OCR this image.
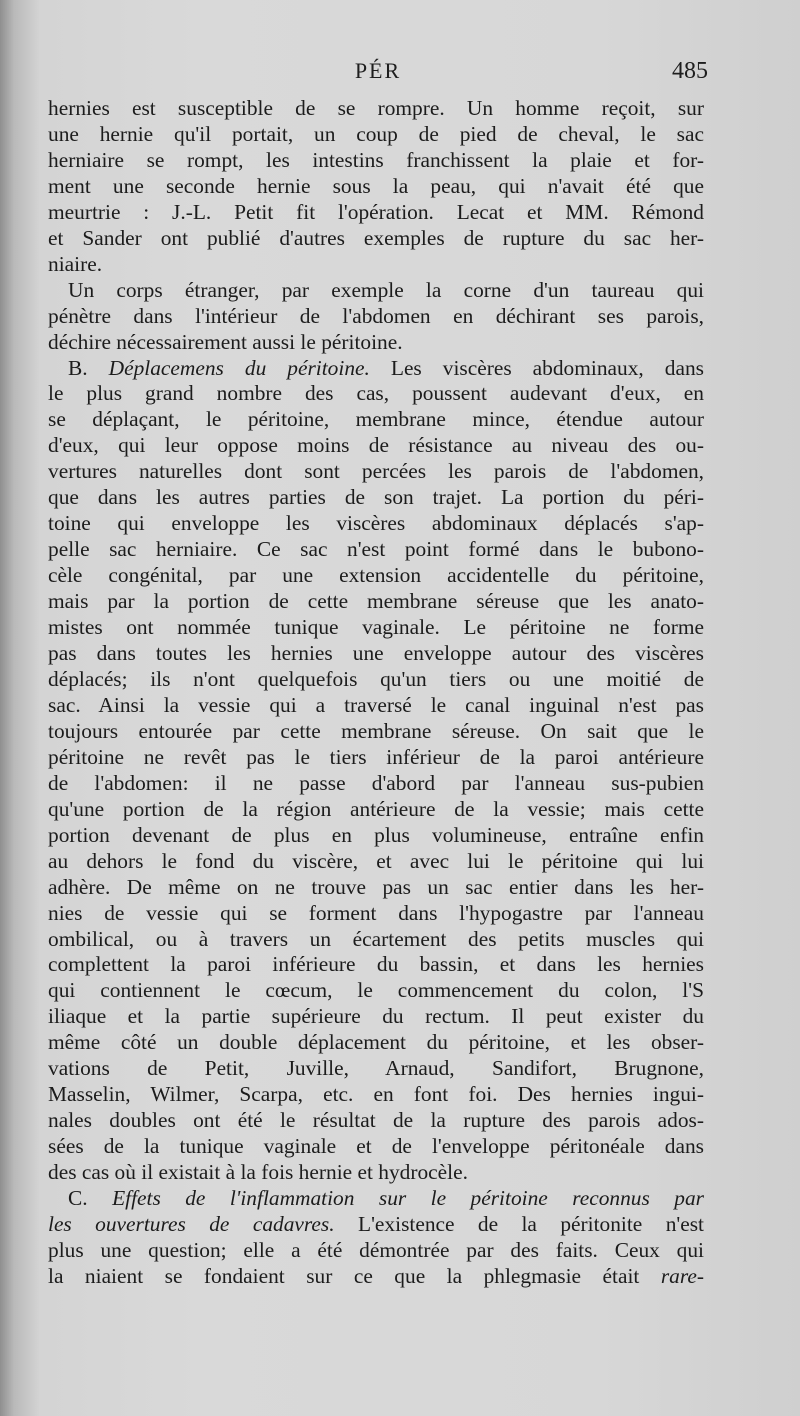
PÉR	485

hernies est susceptible de se rompre. Un homme reçoit, sur
une hernie qu'il portait, un coup de pied de cheval, le sac
herniaire se rompt, les intestins franchissent la plaie et for-
ment une seconde hernie sous la peau, qui n'avait été que
meurtrie : J.-L. Petit fit l'opération. Lecat et MM. Rémond
et Sander ont publié d'autres exemples de rupture du sac her-
niaire.

Un corps étranger, par exemple la corne d'un taureau qui
pénètre dans l'intérieur de l'abdomen en déchirant ses parois,
déchire nécessairement aussi le péritoine.

B. Déplacemens du péritoine. Les viscères abdominaux, dans
le plus grand nombre des cas, poussent audevant d'eux, en
se déplaçant, le péritoine, membrane mince, étendue autour
d'eux, qui leur oppose moins de résistance au niveau des ou-
vertures naturelles dont sont percées les parois de l'abdomen,
que dans les autres parties de son trajet. La portion du péri-
toine qui enveloppe les viscères abdominaux déplacés s'ap-
pelle sac herniaire. Ce sac n'est point formé dans le bubono-
cèle congénital, par une extension accidentelle du péritoine,
mais par la portion de cette membrane séreuse que les anato-
mistes ont nommée tunique vaginale. Le péritoine ne forme
pas dans toutes les hernies une enveloppe autour des viscères
déplacés; ils n'ont quelquefois qu'un tiers ou une moitié de
sac. Ainsi la vessie qui a traversé le canal inguinal n'est pas
toujours entourée par cette membrane séreuse. On sait que le
péritoine ne revêt pas le tiers inférieur de la paroi antérieure
de l'abdomen: il ne passe d'abord par l'anneau sus-pubien
qu'une portion de la région antérieure de la vessie; mais cette
portion devenant de plus en plus volumineuse, entraîne enfin
au dehors le fond du viscère, et avec lui le péritoine qui lui
adhère. De même on ne trouve pas un sac entier dans les her-
nies de vessie qui se forment dans l'hypogastre par l'anneau
ombilical, ou à travers un écartement des petits muscles qui
complettent la paroi inférieure du bassin, et dans les hernies
qui contiennent le cœcum, le commencement du colon, l'S
iliaque et la partie supérieure du rectum. Il peut exister du
même côté un double déplacement du péritoine, et les obser-
vations de Petit, Juville, Arnaud, Sandifort, Brugnone,
Masselin, Wilmer, Scarpa, etc. en font foi. Des hernies ingui-
nales doubles ont été le résultat de la rupture des parois ados-
sées de la tunique vaginale et de l'enveloppe péritonéale dans
des cas où il existait à la fois hernie et hydrocèle.

C. Effets de l'inflammation sur le péritoine reconnus par
les ouvertures de cadavres. L'existence de la péritonite n'est
plus une question; elle a été démontrée par des faits. Ceux qui
la niaient se fondaient sur ce que la phlegmasie était rare-
